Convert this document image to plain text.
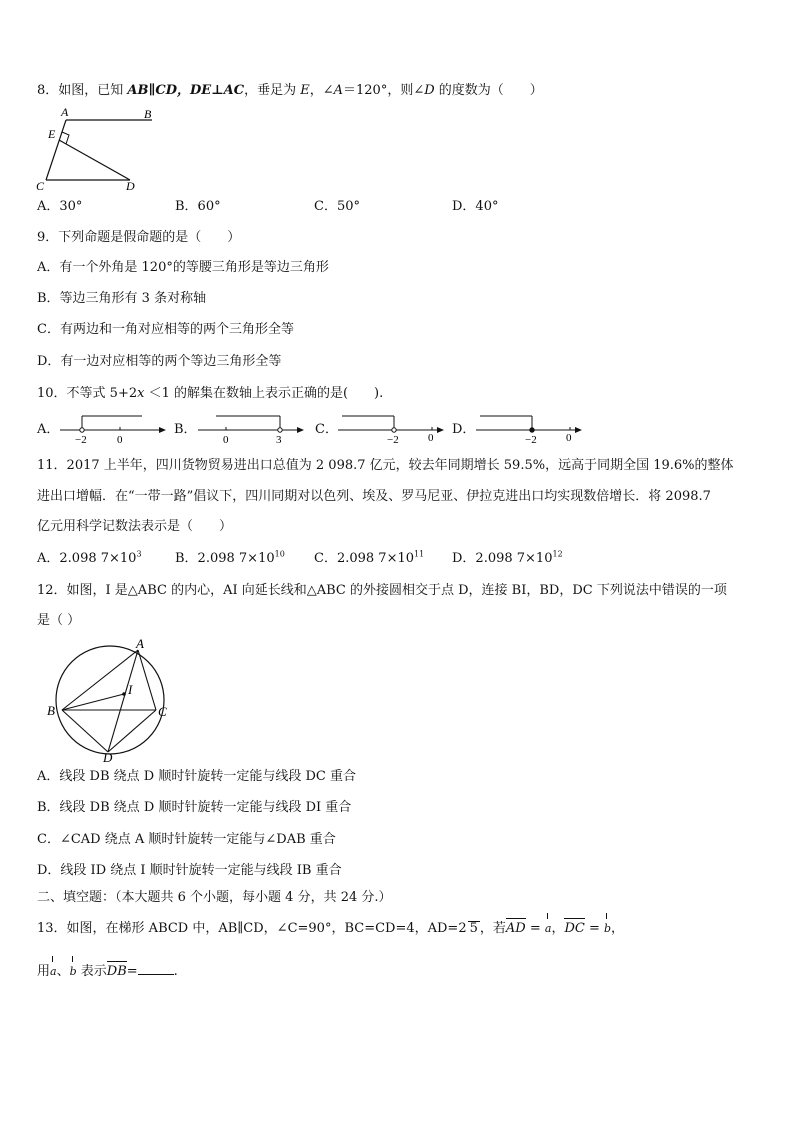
8．如图，已知 AB∥CD，DE⊥AC，垂足为 E，∠A＝120°，则∠D 的度数为（　　）
A	B
E
C	D
A．30°	B．60°	C．50°	D．40°
9．下列命题是假命题的是（　　）
A．有一个外角是 120°的等腰三角形是等边三角形
B．等边三角形有 3 条对称轴
C．有两边和一角对应相等的两个三角形全等
D．有一边对应相等的两个等边三角形全等
10．不等式 5+2x ＜1 的解集在数轴上表示正确的是(　　).
A．
−2	0
B．
0	3
C．
−2	0
D．
−2	0
11．2017 上半年，四川货物贸易进出口总值为 2 098.7 亿元，较去年同期增长 59.5%，远高于同期全国 19.6%的整体
进出口增幅．在“一带一路”倡议下，四川同期对以色列、埃及、罗马尼亚、伊拉克进出口均实现数倍增长．将 2098.7
亿元用科学记数法表示是（　　）
A．2.098 $7\times 10^3$	B．2.098 $7\times 10^{10}$ C．2.098 $7\times 10^{11}$ D．2.098 $7\times 10^{12}$
12．如图，I 是△ABC 的内心，AI 向延长线和△ABC 的外接圆相交于点 D，连接 BI，BD，DC 下列说法中错误的一项
是（ ）
A
I
B	C
D
A．线段 DB 绕点 D 顺时针旋转一定能与线段 DC 重合
B．线段 DB 绕点 D 顺时针旋转一定能与线段 DI 重合
C．∠CAD 绕点 A 顺时针旋转一定能与∠DAB 重合
D．线段 ID 绕点 I 顺时针旋转一定能与线段 IB 重合
二、填空题：（本大题共 6 个小题，每小题 4 分，共 24 分.）
13．如图，在梯形 ABCD 中，AB∥CD，∠C=90°，BC=CD=4，AD=2 5 ，若AD = a，DC = b，
用a、b 表示DB=	.
